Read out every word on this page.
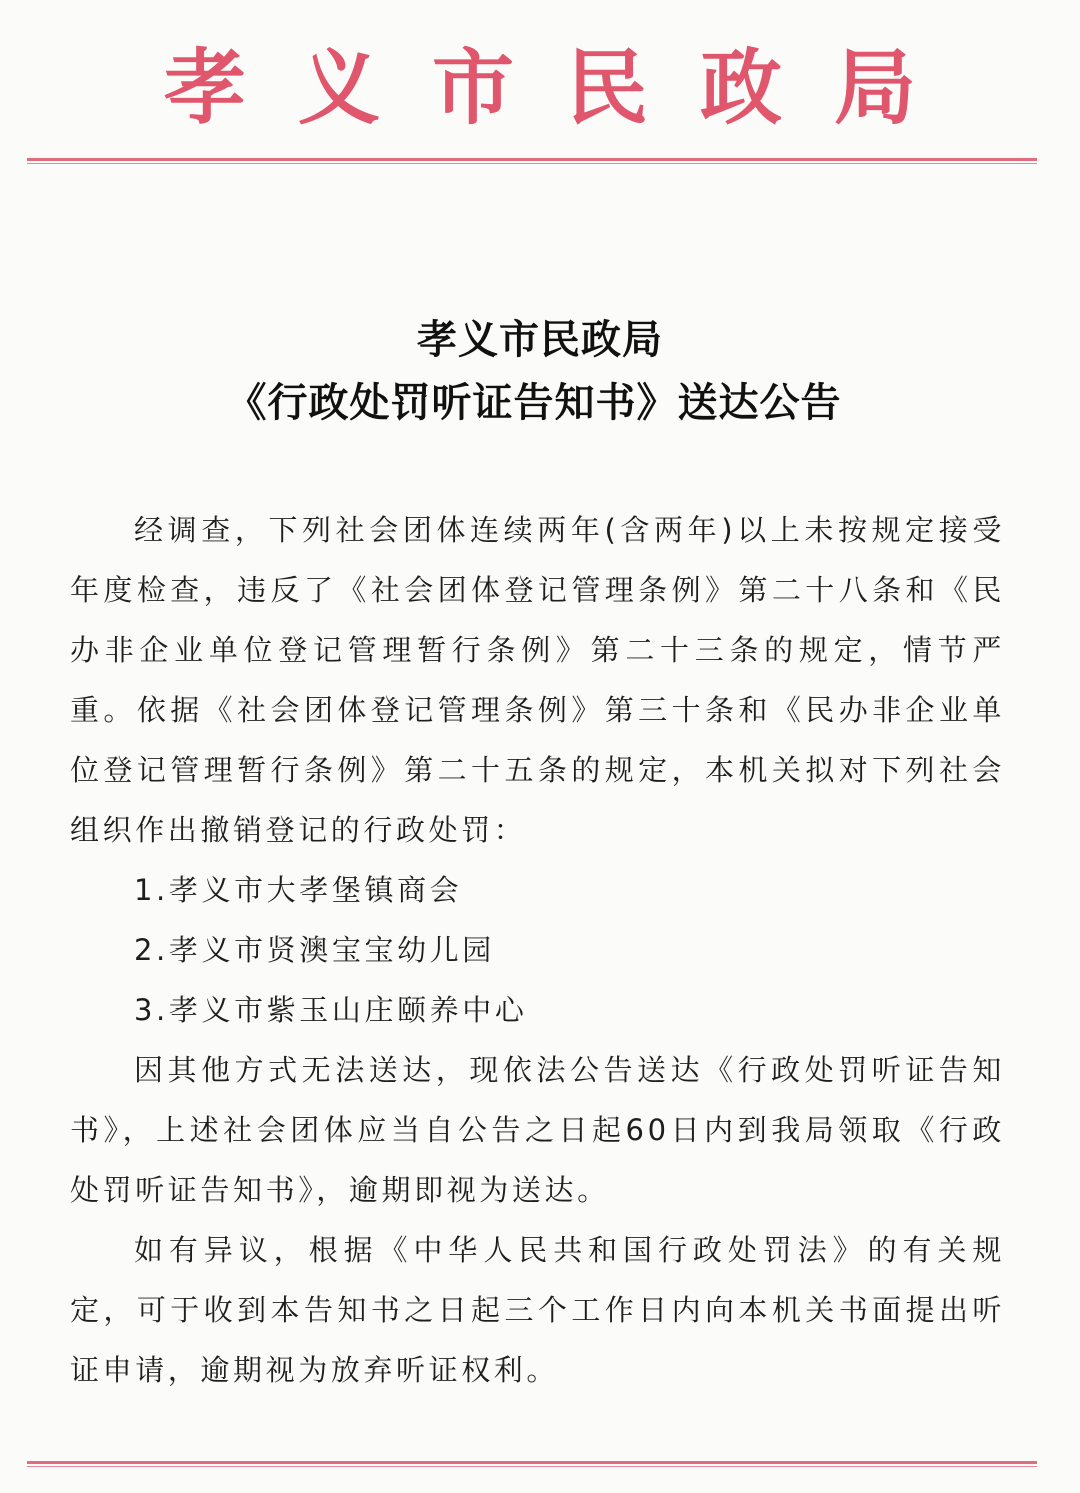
孝义市民政局
孝义市民政局
《行政处罚听证告知书》送达公告

经调查，下列社会团体连续两年(含两年)以上未按规定接受年度检查，违反了《社会团体登记管理条例》第二十八条和《民办非企业单位登记管理暂行条例》第二十三条的规定，情节严重。依据《社会团体登记管理条例》第三十条和《民办非企业单位登记管理暂行条例》第二十五条的规定，本机关拟对下列社会组织作出撤销登记的行政处罚：

1.孝义市大孝堡镇商会
2.孝义市贤澳宝宝幼儿园
3.孝义市紫玉山庄颐养中心

因其他方式无法送达，现依法公告送达《行政处罚听证告知书》，上述社会团体应当自公告之日起60日内到我局领取《行政处罚听证告知书》，逾期即视为送达。

如有异议，根据《中华人民共和国行政处罚法》的有关规定，可于收到本告知书之日起三个工作日内向本机关书面提出听证申请，逾期视为放弃听证权利。
